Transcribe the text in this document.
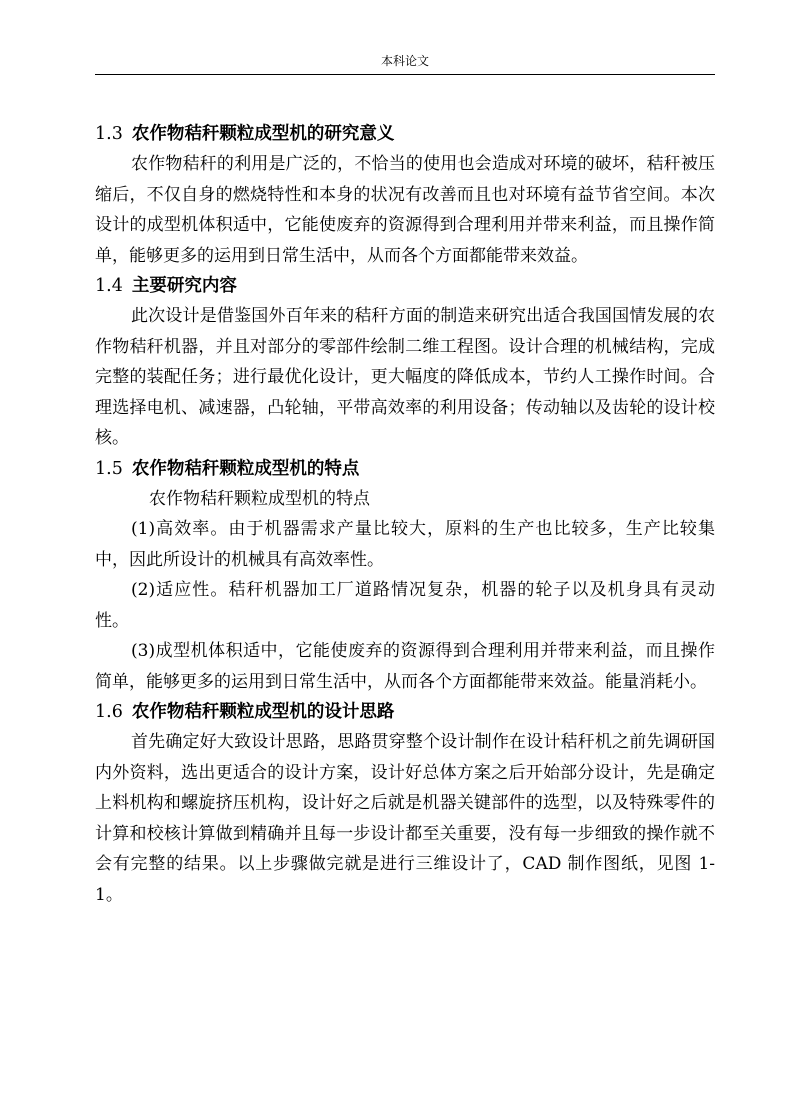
本科论文
1.3 农作物秸秆颗粒成型机的研究意义

农作物秸秆的利用是广泛的，不恰当的使用也会造成对环境的破坏，秸秆被压缩后，不仅自身的燃烧特性和本身的状况有改善而且也对环境有益节省空间。本次设计的成型机体积适中，它能使废弃的资源得到合理利用并带来利益，而且操作简单，能够更多的运用到日常生活中，从而各个方面都能带来效益。

1.4 主要研究内容

此次设计是借鉴国外百年来的秸秆方面的制造来研究出适合我国国情发展的农作物秸秆机器，并且对部分的零部件绘制二维工程图。设计合理的机械结构，完成完整的装配任务；进行最优化设计，更大幅度的降低成本，节约人工操作时间。合理选择电机、减速器，凸轮轴，平带高效率的利用设备；传动轴以及齿轮的设计校核。

1.5 农作物秸秆颗粒成型机的特点

农作物秸秆颗粒成型机的特点

(1)高效率。由于机器需求产量比较大，原料的生产也比较多，生产比较集中，因此所设计的机械具有高效率性。

(2)适应性。秸秆机器加工厂道路情况复杂，机器的轮子以及机身具有灵动性。

(3)成型机体积适中，它能使废弃的资源得到合理利用并带来利益，而且操作简单，能够更多的运用到日常生活中，从而各个方面都能带来效益。能量消耗小。

1.6 农作物秸秆颗粒成型机的设计思路

首先确定好大致设计思路，思路贯穿整个设计制作在设计秸秆机之前先调研国内外资料，选出更适合的设计方案，设计好总体方案之后开始部分设计，先是确定上料机构和螺旋挤压机构，设计好之后就是机器关键部件的选型，以及特殊零件的计算和校核计算做到精确并且每一步设计都至关重要，没有每一步细致的操作就不会有完整的结果。以上步骤做完就是进行三维设计了，CAD 制作图纸，见图 1-1。
